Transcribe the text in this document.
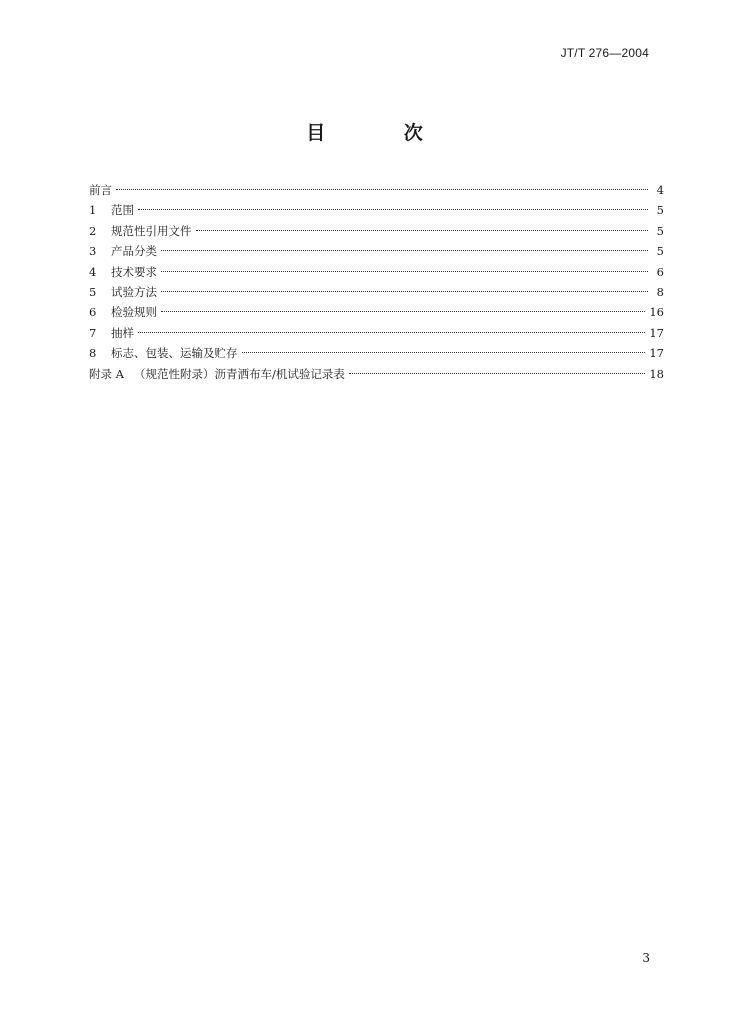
JT/T 276—2004
目 次
前言	4
1	范围	5
2	规范性引用文件	5
3	产品分类	5
4	技术要求	6
5	试验方法	8
6	检验规则	16
7	抽样	17
8	标志、包装、运输及贮存	17
附录 A （规范性附录）沥青洒布车/机试验记录表	18
3
